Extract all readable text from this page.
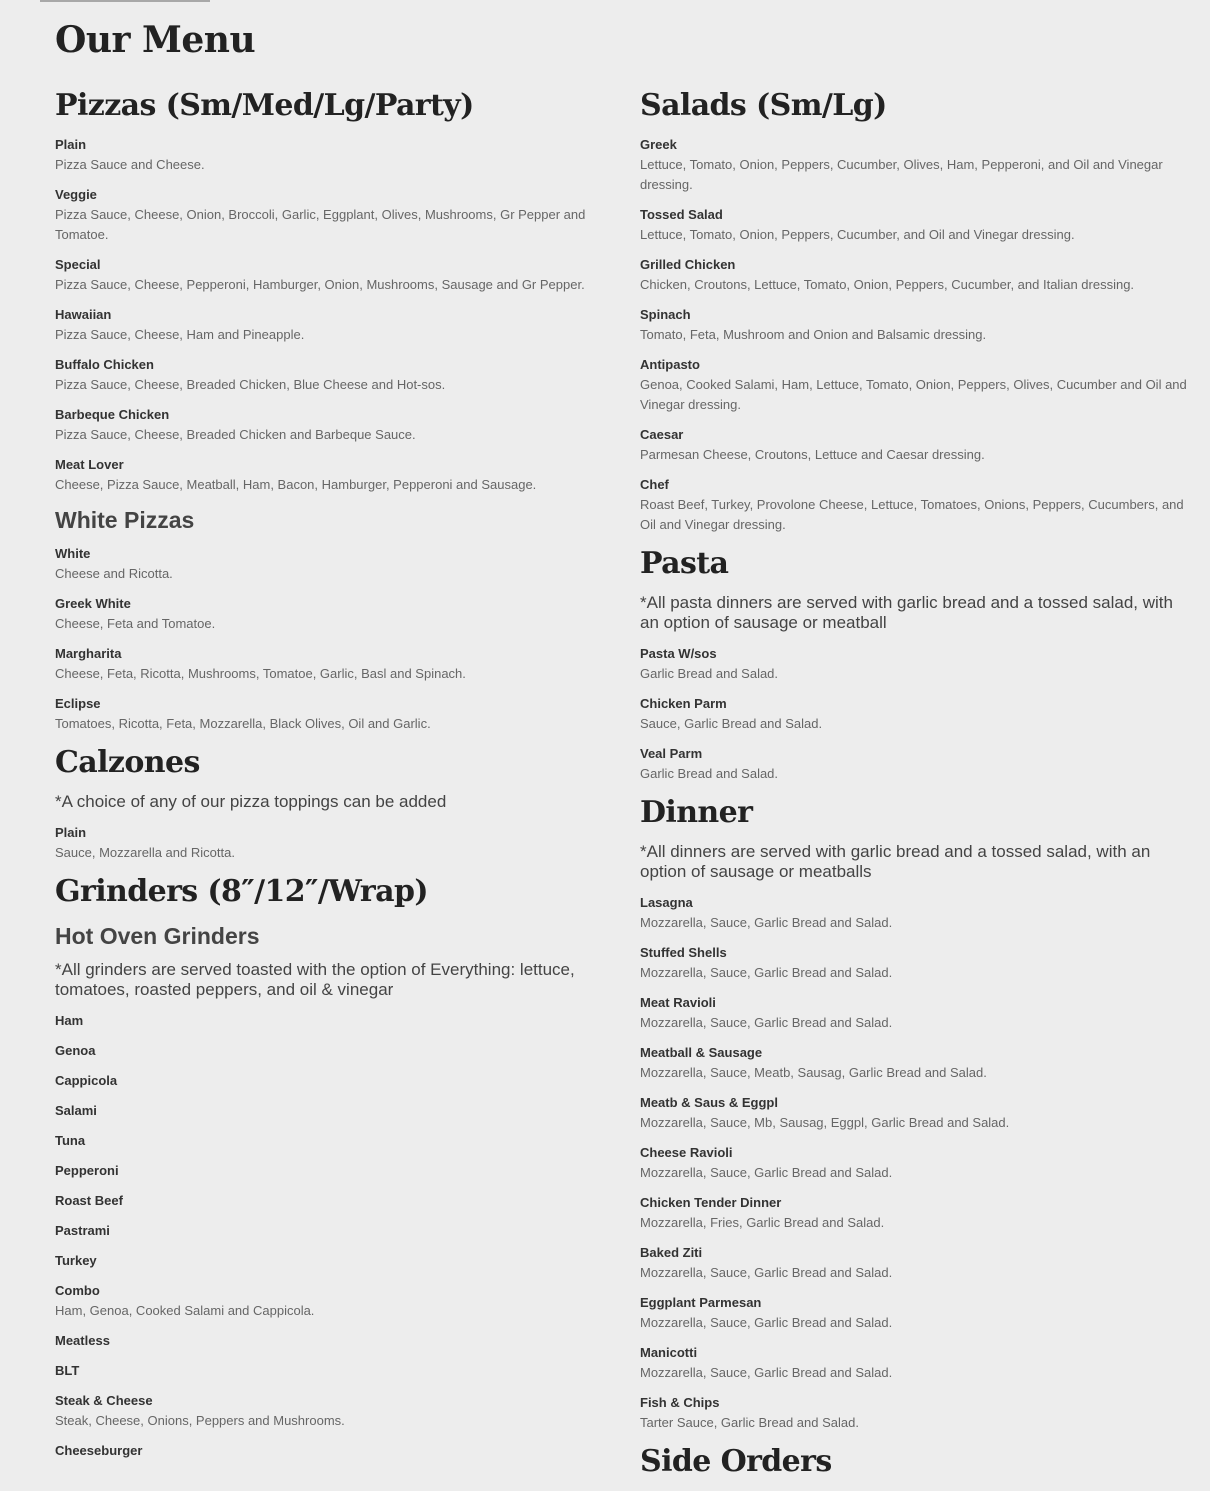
Our Menu
Pizzas (Sm/Med/Lg/Party)
Plain
Pizza Sauce and Cheese.
Veggie
Pizza Sauce, Cheese, Onion, Broccoli, Garlic, Eggplant, Olives, Mushrooms, Gr Pepper and Tomatoe.
Special
Pizza Sauce, Cheese, Pepperoni, Hamburger, Onion, Mushrooms, Sausage and Gr Pepper.
Hawaiian
Pizza Sauce, Cheese, Ham and Pineapple.
Buffalo Chicken
Pizza Sauce, Cheese, Breaded Chicken, Blue Cheese and Hot-sos.
Barbeque Chicken
Pizza Sauce, Cheese, Breaded Chicken and Barbeque Sauce.
Meat Lover
Cheese, Pizza Sauce, Meatball, Ham, Bacon, Hamburger, Pepperoni and Sausage.
White Pizzas
White
Cheese and Ricotta.
Greek White
Cheese, Feta and Tomatoe.
Margharita
Cheese, Feta, Ricotta, Mushrooms, Tomatoe, Garlic, Basl and Spinach.
Eclipse
Tomatoes, Ricotta, Feta, Mozzarella, Black Olives, Oil and Garlic.
Calzones

*A choice of any of our pizza toppings can be added

Plain
Sauce, Mozzarella and Ricotta.
Grinders (8″/12″/Wrap)
Hot Oven Grinders

*All grinders are served toasted with the option of Everything: lettuce, tomatoes, roasted peppers, and oil & vinegar

Ham
Genoa
Cappicola
Salami
Tuna
Pepperoni
Roast Beef
Pastrami
Turkey
Combo
Ham, Genoa, Cooked Salami and Cappicola.
Meatless
BLT
Steak & Cheese
Steak, Cheese, Onions, Peppers and Mushrooms.
Cheeseburger
Salads (Sm/Lg)
Greek
Lettuce, Tomato, Onion, Peppers, Cucumber, Olives, Ham, Pepperoni, and Oil and Vinegar dressing.
Tossed Salad
Lettuce, Tomato, Onion, Peppers, Cucumber, and Oil and Vinegar dressing.
Grilled Chicken
Chicken, Croutons, Lettuce, Tomato, Onion, Peppers, Cucumber, and Italian dressing.
Spinach
Tomato, Feta, Mushroom and Onion and Balsamic dressing.
Antipasto
Genoa, Cooked Salami, Ham, Lettuce, Tomato, Onion, Peppers, Olives, Cucumber and Oil and Vinegar dressing.
Caesar
Parmesan Cheese, Croutons, Lettuce and Caesar dressing.
Chef
Roast Beef, Turkey, Provolone Cheese, Lettuce, Tomatoes, Onions, Peppers, Cucumbers, and Oil and Vinegar dressing.
Pasta

*All pasta dinners are served with garlic bread and a tossed salad, with an option of sausage or meatball

Pasta W/sos
Garlic Bread and Salad.
Chicken Parm
Sauce, Garlic Bread and Salad.
Veal Parm
Garlic Bread and Salad.
Dinner

*All dinners are served with garlic bread and a tossed salad, with an option of sausage or meatballs

Lasagna
Mozzarella, Sauce, Garlic Bread and Salad.
Stuffed Shells
Mozzarella, Sauce, Garlic Bread and Salad.
Meat Ravioli
Mozzarella, Sauce, Garlic Bread and Salad.
Meatball & Sausage
Mozzarella, Sauce, Meatb, Sausag, Garlic Bread and Salad.
Meatb & Saus & Eggpl
Mozzarella, Sauce, Mb, Sausag, Eggpl, Garlic Bread and Salad.
Cheese Ravioli
Mozzarella, Sauce, Garlic Bread and Salad.
Chicken Tender Dinner
Mozzarella, Fries, Garlic Bread and Salad.
Baked Ziti
Mozzarella, Sauce, Garlic Bread and Salad.
Eggplant Parmesan
Mozzarella, Sauce, Garlic Bread and Salad.
Manicotti
Mozzarella, Sauce, Garlic Bread and Salad.
Fish & Chips
Tarter Sauce, Garlic Bread and Salad.
Side Orders
